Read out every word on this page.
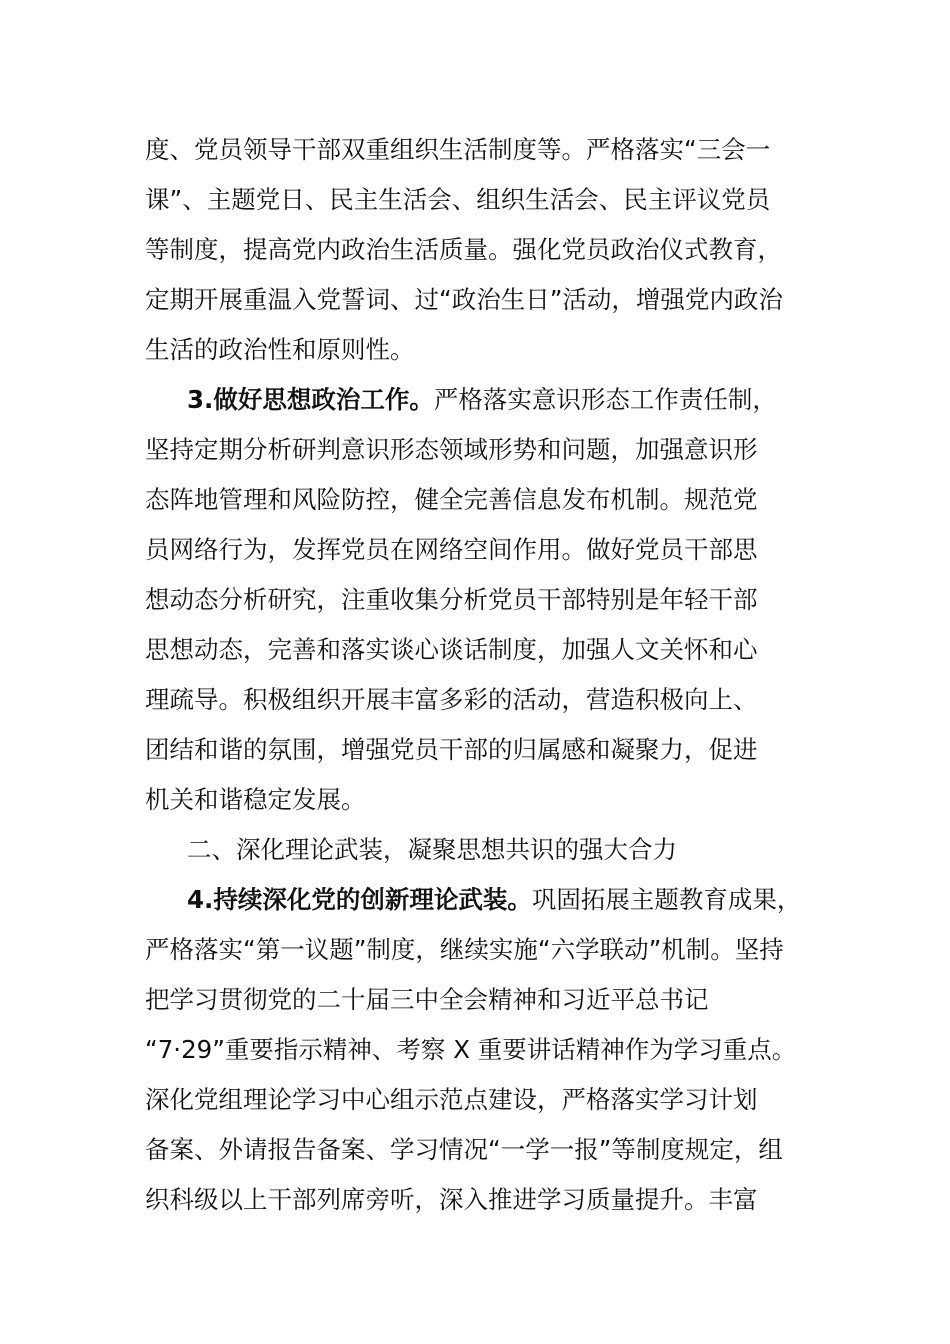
度、党员领导干部双重组织生活制度等。严格落实“三会一
课”、主题党日、民主生活会、组织生活会、民主评议党员
等制度，提高党内政治生活质量。强化党员政治仪式教育，
定期开展重温入党誓词、过“政治生日”活动，增强党内政治
生活的政治性和原则性。
3.做好思想政治工作。严格落实意识形态工作责任制，
坚持定期分析研判意识形态领域形势和问题，加强意识形
态阵地管理和风险防控，健全完善信息发布机制。规范党
员网络行为，发挥党员在网络空间作用。做好党员干部思
想动态分析研究，注重收集分析党员干部特别是年轻干部
思想动态，完善和落实谈心谈话制度，加强人文关怀和心
理疏导。积极组织开展丰富多彩的活动，营造积极向上、
团结和谐的氛围，增强党员干部的归属感和凝聚力，促进
机关和谐稳定发展。
二、深化理论武装，凝聚思想共识的强大合力
4.持续深化党的创新理论武装。巩固拓展主题教育成果，
严格落实“第一议题”制度，继续实施“六学联动”机制。坚持
把学习贯彻党的二十届三中全会精神和习近平总书记
“7·29”重要指示精神、考察 X 重要讲话精神作为学习重点。
深化党组理论学习中心组示范点建设，严格落实学习计划
备案、外请报告备案、学习情况“一学一报”等制度规定，组
织科级以上干部列席旁听，深入推进学习质量提升。丰富
